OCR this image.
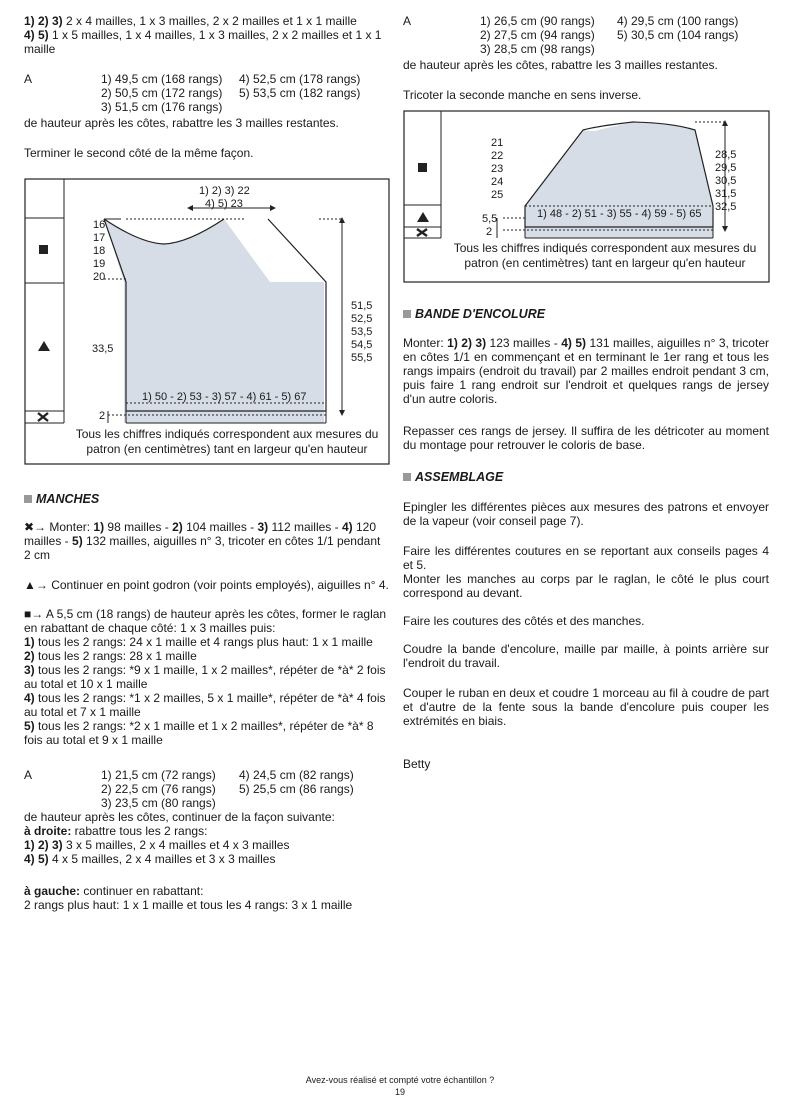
1) 2) 3) 2 x 4 mailles, 1 x 3 mailles, 2 x 2 mailles et 1 x 1 maille

4) 5) 1 x 5 mailles, 1 x 4 mailles, 1 x 3 mailles, 2 x 2 mailles et 1 x 1

maille

A	1) 49,5 cm (168 rangs)
2) 50,5 cm (172 rangs)
3) 51,5 cm (176 rangs)
4) 52,5 cm (178 rangs)
5) 53,5 cm (182 rangs)
de hauteur après les côtes, rabattre les 3 mailles restantes.
Terminer le second côté de la même façon.
1) 2) 3) 22
4) 5) 23
16
17
18
19
20
33,5
2
51,5
52,5
53,5
54,5
55,5
1) 50 - 2) 53 - 3) 57 - 4) 61 - 5) 67
Tous les chiffres indiqués correspondent aux mesures du
patron (en centimètres) tant en largeur qu'en hauteur
MANCHES

✖→ Monter: 1) 98 mailles - 2) 104 mailles - 3) 112 mailles - 4) 120 mailles - 5) 132 mailles, aiguilles n° 3, tricoter en côtes 1/1 pendant 2 cm

▲→ Continuer en point godron (voir points employés), aiguilles n° 4.

■→ A 5,5 cm (18 rangs) de hauteur après les côtes, former le raglan en rabattant de chaque côté: 1 x 3 mailles puis:

1) tous les 2 rangs: 24 x 1 maille et 4 rangs plus haut: 1 x 1 maille

2) tous les 2 rangs: 28 x 1 maille

3) tous les 2 rangs: *9 x 1 maille, 1 x 2 mailles*, répéter de *à* 2 fois au total et 10 x 1 maille

4) tous les 2 rangs: *1 x 2 mailles, 5 x 1 maille*, répéter de *à* 4 fois au total et 7 x 1 maille

5) tous les 2 rangs: *2 x 1 maille et 1 x 2 mailles*, répéter de *à* 8 fois au total et 9 x 1 maille

A	1) 21,5 cm (72 rangs)
2) 22,5 cm (76 rangs)
3) 23,5 cm (80 rangs)
4) 24,5 cm (82 rangs)
5) 25,5 cm (86 rangs)

de hauteur après les côtes, continuer de la façon suivante:

à droite: rabattre tous les 2 rangs:

1) 2) 3) 3 x 5 mailles, 2 x 4 mailles et 4 x 3 mailles

4) 5) 4 x 5 mailles, 2 x 4 mailles et 3 x 3 mailles

à gauche: continuer en rabattant:

2 rangs plus haut: 1 x 1 maille et tous les 4 rangs: 3 x 1 maille

A	1) 26,5 cm (90 rangs)
2) 27,5 cm (94 rangs)
3) 28,5 cm (98 rangs)
4) 29,5 cm (100 rangs)
5) 30,5 cm (104 rangs)
de hauteur après les côtes, rabattre les 3 mailles restantes.
Tricoter la seconde manche en sens inverse.
21
22
23
24
25
28,5
29,5
30,5
31,5
32,5
5,5
2
1) 48 - 2) 51 - 3) 55 - 4) 59 - 5) 65
Tous les chiffres indiqués correspondent aux mesures du
patron (en centimètres) tant en largeur qu'en hauteur
BANDE D'ENCOLURE

Monter: 1) 2) 3) 123 mailles - 4) 5) 131 mailles, aiguilles n° 3, tricoter en côtes 1/1 en commençant et en terminant le 1er rang et tous les rangs impairs (endroit du travail) par 2 mailles endroit pendant 3 cm, puis faire 1 rang endroit sur l'endroit et quelques rangs de jersey d'un autre coloris.

Repasser ces rangs de jersey. Il suffira de les détricoter au moment du montage pour retrouver le coloris de base.

ASSEMBLAGE

Epingler les différentes pièces aux mesures des patrons et envoyer de la vapeur (voir conseil page 7).

Faire les différentes coutures en se reportant aux conseils pages 4 et 5.

Monter les manches au corps par le raglan, le côté le plus court correspond au devant.

Faire les coutures des côtés et des manches.

Coudre la bande d'encolure, maille par maille, à points arrière sur l'endroit du travail.

Couper le ruban en deux et coudre 1 morceau au fil à coudre de part et d'autre de la fente sous la bande d'encolure puis couper les extrémités en biais.

Betty
Avez-vous réalisé et compté votre échantillon ?
19
